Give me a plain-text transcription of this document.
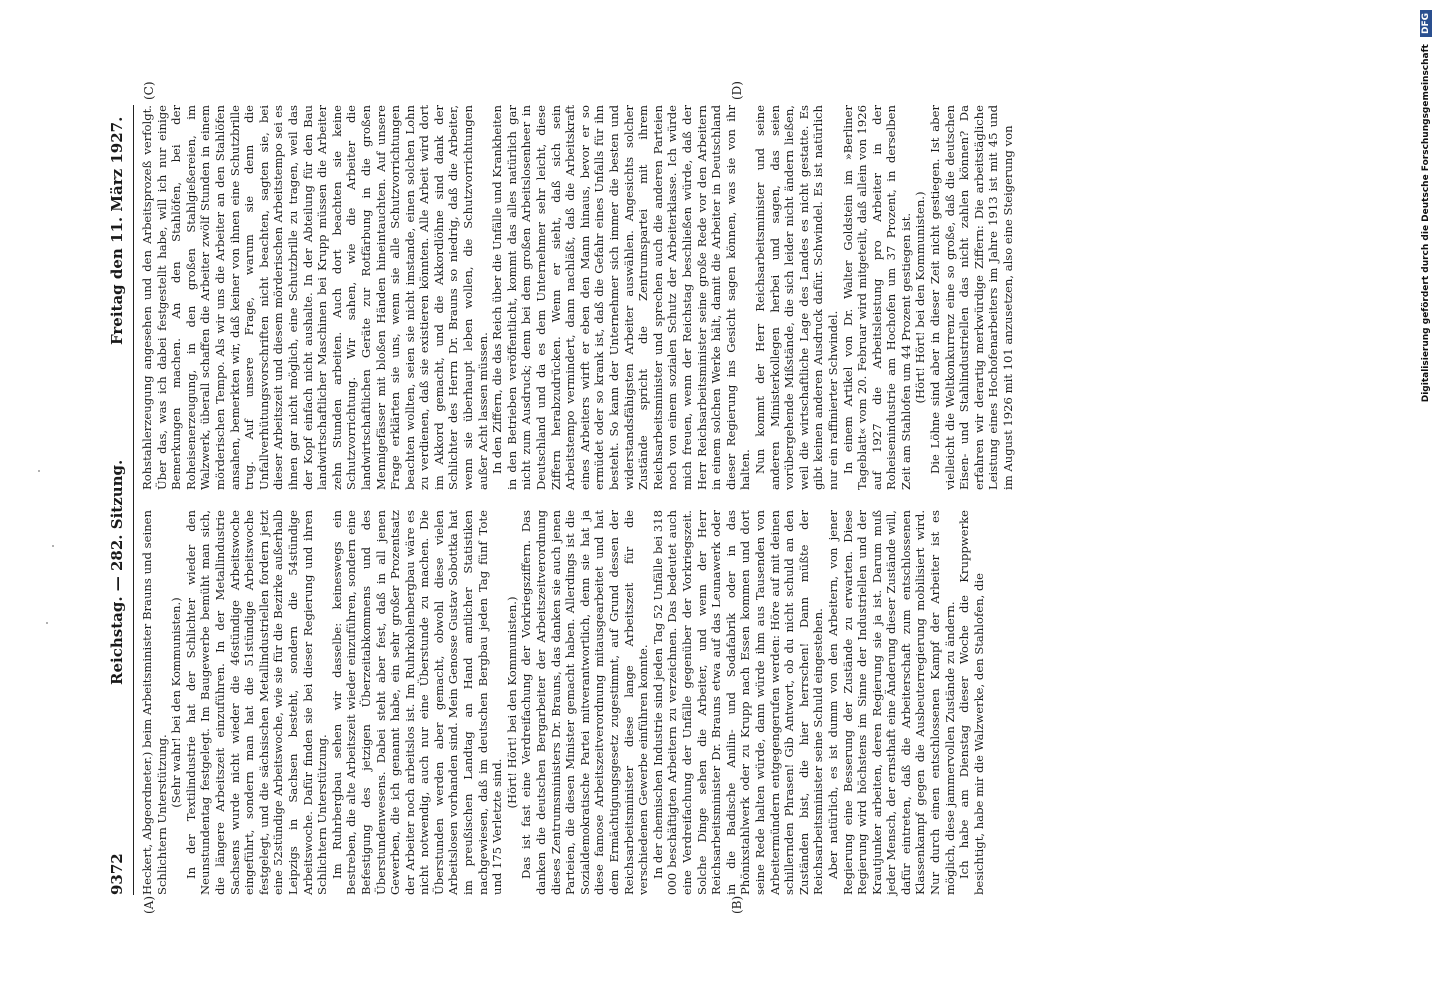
9372
Reichstag. — 282. Sitzung.
Freitag den 11. März 1927.
(A)	(B)
(C)	(D)

Heckert, Abgeordneter.) beim Arbeitsminister Brauns und seinen Schlichtern Unterstützung.

(Sehr wahr! bei den Kommunisten.) In der Textilindustrie hat der Schlichter wieder den Neunstundentag festgelegt. Im Baugewerbe bemüht man sich, die längere Arbeitszeit einzuführen. In der Metallindustrie Sachsens wurde nicht wieder die 46stündige Arbeitswoche eingeführt, sondern man hat die 51stündige Arbeitswoche festgelegt, und die sächsischen Metallindustriellen fordern jetzt eine 52stündige Arbeitswoche, wie sie für die Bezirke außerhalb Leipzigs in Sachsen besteht, sondern die 54stündige Arbeitswoche. Dafür finden sie bei dieser Regierung und ihren Schlichtern Unterstützung. Im Ruhrbergbau sehen wir dasselbe: keineswegs ein Bestreben, die alte Arbeitszeit wieder einzuführen, sondern eine Befestigung des jetzigen Überzeitabkommens und des Überstundenwesens. Dabei steht aber fest, daß in all jenen Gewerben, die ich genannt habe, ein sehr großer Prozentsatz der Arbeiter noch arbeitslos ist. Im Ruhrkohlenbergbau wäre es nicht notwendig, auch nur eine Überstunde zu machen. Die Überstunden werden aber gemacht, obwohl diese vielen Arbeitslosen vorhanden sind. Mein Genosse Gustav Sobottka hat im preußischen Landtag an Hand amtlicher Statistiken nachgewiesen, daß im deutschen Bergbau jeden Tag fünf Tote und 175 Verletzte sind.

(Hört! Hört! bei den Kommunisten.) Das ist fast eine Verdreifachung der Vorkriegsziffern. Das danken die deutschen Bergarbeiter der Arbeitszeitverordnung dieses Zentrumsministers Dr. Brauns, das danken sie auch jenen Parteien, die diesen Minister gemacht haben. Allerdings ist die Sozialdemokratische Partei mitverantwortlich, denn sie hat ja diese famose Arbeitszeitverordnung mitausgearbeitet und hat dem Ermächtigungsgesetz zugestimmt, auf Grund dessen der Reichsarbeitsminister diese lange Arbeitszeit für die verschiedenen Gewerbe einführen konnte. In der chemischen Industrie sind jeden Tag 52 Unfälle bei 318 000 beschäftigten Arbeitern zu verzeichnen. Das bedeutet auch eine Verdreifachung der Unfälle gegenüber der Vorkriegszeit. Solche Dinge sehen die Arbeiter, und wenn der Herr Reichsarbeitsminister Dr. Brauns etwa auf das Leunawerk oder in die Badische Anilin- und Sodafabrik oder in das Phönixstahlwerk oder zu Krupp nach Essen kommen und dort seine Rede halten würde, dann würde ihm aus Tausenden von Arbeitermündern entgegengerufen werden: Höre auf mit deinen schillernden Phrasen! Gib Antwort, ob du nicht schuld an den Zuständen bist, die hier herrschen! Dann müßte der Reichsarbeitsminister seine Schuld eingestehen. Aber natürlich, es ist dumm von den Arbeitern, von jener Regierung eine Besserung der Zustände zu erwarten. Diese Regierung wird höchstens im Sinne der Industriellen und der Krautjunker arbeiten, deren Regierung sie ja ist. Darum muß jeder Mensch, der ernsthaft eine Änderung dieser Zustände will, dafür eintreten, daß die Arbeiterschaft zum entschlossenen Klassenkampf gegen die Ausbeuterregierung mobilisiert wird. Nur durch einen entschlossenen Kampf der Arbeiter ist es möglich, diese jammervollen Zustände zu ändern. Ich habe am Dienstag dieser Woche die Kruppwerke besichtigt, habe mir die Walzwerke, den Stahlofen, die

Rohstahlerzeugung angesehen und den Arbeitsprozeß verfolgt. Über das, was ich dabei festgestellt habe, will ich nur einige Bemerkungen machen. An den Stahlöfen, bei der Roheisenerzeugung, in den großen Stahlgießereien, im Walzwerk, überall schaffen die Arbeiter zwölf Stunden in einem mörderischen Tempo. Als wir uns die Arbeiter an den Stahlöfen ansahen, bemerkten wir, daß keiner von ihnen eine Schutzbrille trug. Auf unsere Frage, warum sie denn die Unfallverhütungsvorschriften nicht beachten, sagten sie, bei dieser Arbeitszeit und diesem mörderischen Arbeitstempo sei es ihnen gar nicht möglich, eine Schutzbrille zu tragen, weil das der Kopf einfach nicht aushalte. In der Abteilung für den Bau landwirtschaftlicher Maschinen bei Krupp müssen die Arbeiter zehn Stunden arbeiten. Auch dort beachten sie keine Schutzvorrichtung. Wir sahen, wie die Arbeiter die landwirtschaftlichen Geräte zur Rotfärbung in die großen Mennigefässer mit bloßen Händen hineintauchten. Auf unsere Frage erklärten sie uns, wenn sie alle Schutzvorrichtungen beachten wollten, seien sie nicht imstande, einen solchen Lohn zu verdienen, daß sie existieren könnten. Alle Arbeit wird dort im Akkord gemacht, und die Akkordlöhne sind dank der Schlichter des Herrn Dr. Brauns so niedrig, daß die Arbeiter, wenn sie überhaupt leben wollen, die Schutzvorrichtungen außer Acht lassen müssen. In den Ziffern, die das Reich über die Unfälle und Krankheiten in den Betrieben veröffentlicht, kommt das alles natürlich gar nicht zum Ausdruck; denn bei dem großen Arbeitslosenheer in Deutschland und da es dem Unternehmer sehr leicht, diese Ziffern herabzudrücken. Wenn er sieht, daß sich sein Arbeitstempo vermindert, dann nachläßt, daß die Arbeitskraft eines Arbeiters wirft er eben den Mann hinaus, bevor er so ermüdet oder so krank ist, daß die Gefahr eines Unfalls für ihn besteht. So kann der Unternehmer sich immer die besten und widerstandsfähigsten Arbeiter auswählen. Angesichts solcher Zustände spricht die Zentrumspartei mit ihrem Reichsarbeitsminister und sprechen auch die anderen Parteien noch von einem sozialen Schutz der Arbeiterklasse. Ich würde mich freuen, wenn der Reichstag beschließen würde, daß der Herr Reichsarbeitsminister seine große Rede vor den Arbeitern in einem solchen Werke hält, damit die Arbeiter in Deutschland dieser Regierung ins Gesicht sagen können, was sie von ihr halten. Nun kommt der Herr Reichsarbeitsminister und seine anderen Ministerkollegen herbei und sagen, das seien vorübergehende Mißstände, die sich leider nicht ändern ließen, weil die wirtschaftliche Lage des Landes es nicht gestatte. Es gibt keinen anderen Ausdruck dafür. Schwindel. Es ist natürlich nur ein raffinierter Schwindel. In einem Artikel von Dr. Walter Goldstein im »Berliner Tageblatt« vom 20. Februar wird mitgeteilt, daß allein von 1926 auf 1927 die Arbeitsleistung pro Arbeiter in der Roheisenindustrie am Hochofen um 37 Prozent, in derselben Zeit am Stahlofen um 44 Prozent gestiegen ist. (Hört! Hört! bei den Kommunisten.) Die Löhne sind aber in dieser Zeit nicht gestiegen. Ist aber vielleicht die Weltkonkurrenz eine so große, daß die deutschen Eisen- und Stahlindustriellen das nicht zahlen können? Da erfahren wir derartig merkwürdige Ziffern: Die arbeitstägliche Leistung eines Hochofenarbeiters im Jahre 1913 ist mit 45 und im August 1926 mit 101 anzusetzen, also eine Steigerung von	Digitalisierung gefördert durch die Deutsche Forschungsgemeinschaft DFG
